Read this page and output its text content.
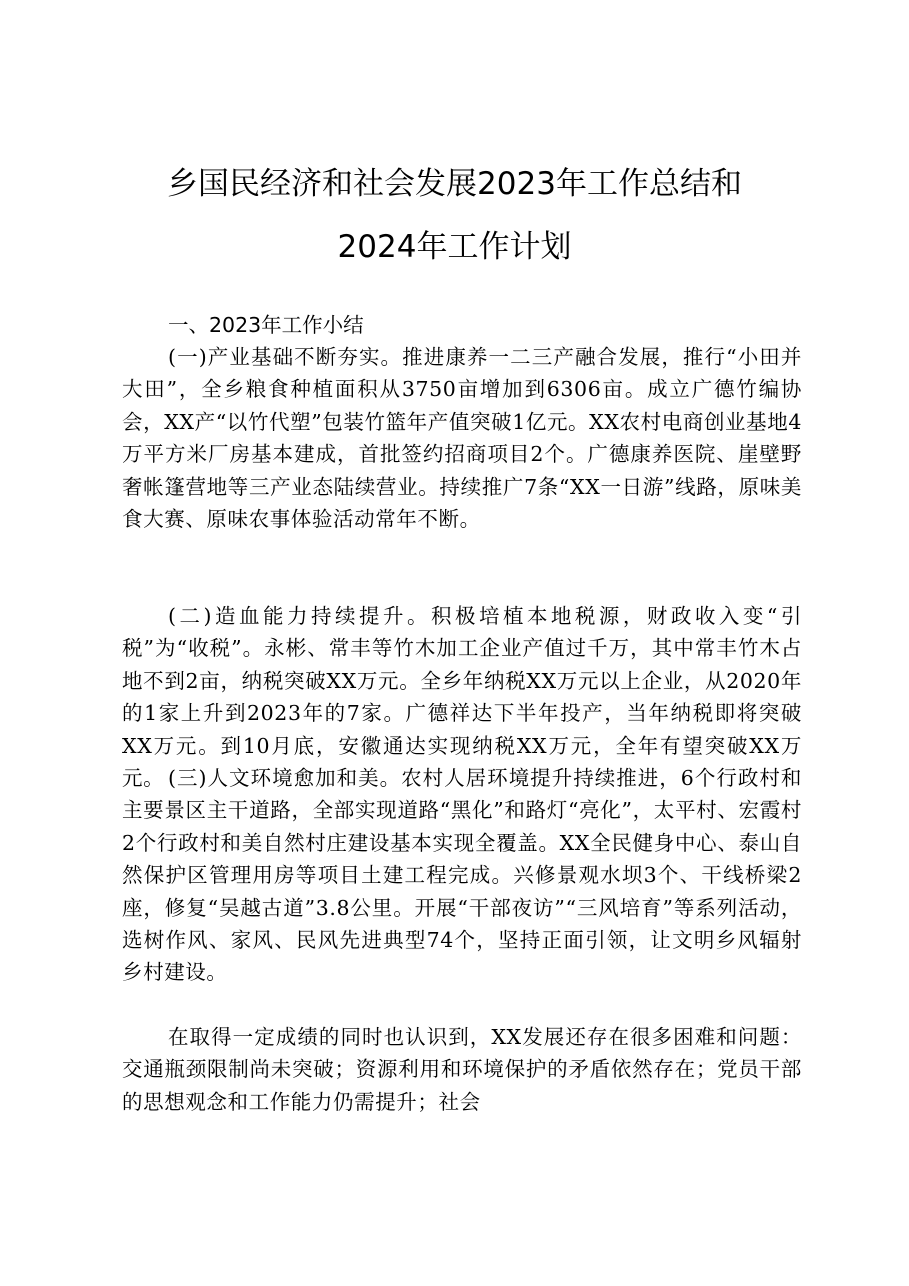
乡国民经济和社会发展2023年工作总结和
2024年工作计划
一、2023年工作小结

(一)产业基础不断夯实。推进康养一二三产融合发展，推行“小田并大田”，全乡粮食种植面积从3750亩增加到6306亩。成立广德竹编协会，XX产“以竹代塑”包装竹篮年产值突破1亿元。XX农村电商创业基地4万平方米厂房基本建成，首批签约招商项目2个。广德康养医院、崖壁野奢帐篷营地等三产业态陆续营业。持续推广7条“XX一日游”线路，原味美食大赛、原味农事体验活动常年不断。

(二)造血能力持续提升。积极培植本地税源，财政收入变“引税”为“收税”。永彬、常丰等竹木加工企业产值过千万，其中常丰竹木占地不到2亩，纳税突破XX万元。全乡年纳税XX万元以上企业，从2020年的1家上升到2023年的7家。广德祥达下半年投产，当年纳税即将突破XX万元。到10月底，安徽通达实现纳税XX万元，全年有望突破XX万元。 (三)人文环境愈加和美。农村人居环境提升持续推进，6个行政村和主要景区主干道路，全部实现道路“黑化”和路灯“亮化”，太平村、宏霞村2个行政村和美自然村庄建设基本实现全覆盖。XX全民健身中心、泰山自然保护区管理用房等项目土建工程完成。兴修景观水坝3个、干线桥梁2座，修复“吴越古道”3.8公里。开展“干部夜访”“三风培育”等系列活动，选树作风、家风、民风先进典型74个，坚持正面引领，让文明乡风辐射乡村建设。

在取得一定成绩的同时也认识到，XX发展还存在很多困难和问题：交通瓶颈限制尚未突破；资源利用和环境保护的矛盾依然存在；党员干部的思想观念和工作能力仍需提升；社会
